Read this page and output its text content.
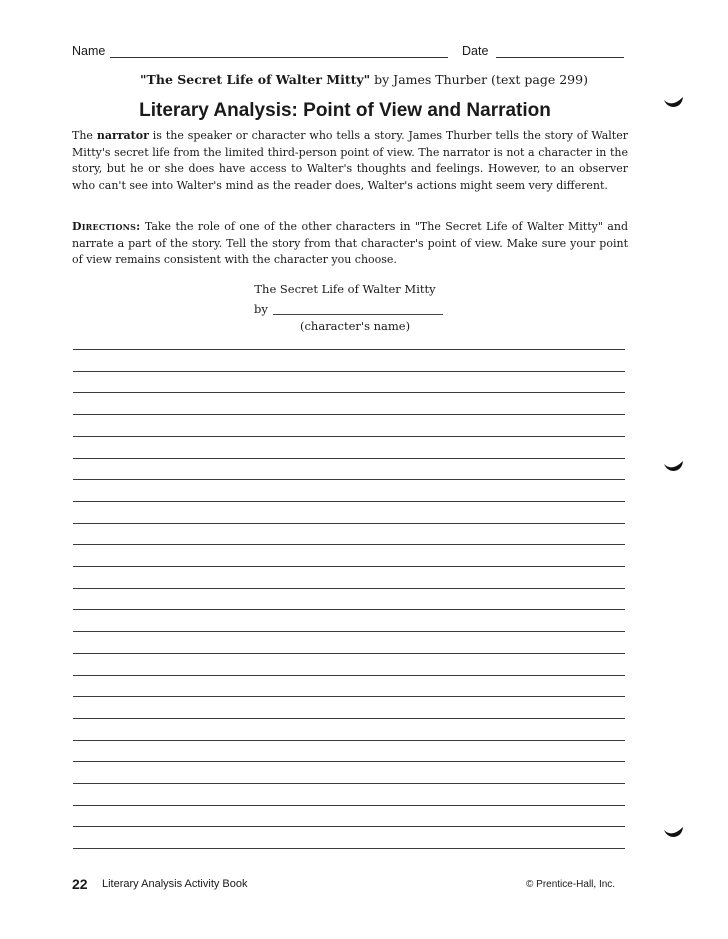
Name	Date
"The Secret Life of Walter Mitty" by James Thurber (text page 299)
Literary Analysis: Point of View and Narration
The narrator is the speaker or character who tells a story. James Thurber tells the story of Walter Mitty's secret life from the limited third-person point of view. The narrator is not a character in the story, but he or she does have access to Walter's thoughts and feelings. However, to an observer who can't see into Walter's mind as the reader does, Walter's actions might seem very different.
Directions: Take the role of one of the other characters in "The Secret Life of Walter Mitty" and narrate a part of the story. Tell the story from that character's point of view. Make sure your point of view remains consistent with the character you choose.
The Secret Life of Walter Mitty
by
(character's name)
22 Literary Analysis Activity Book	© Prentice-Hall, Inc.
